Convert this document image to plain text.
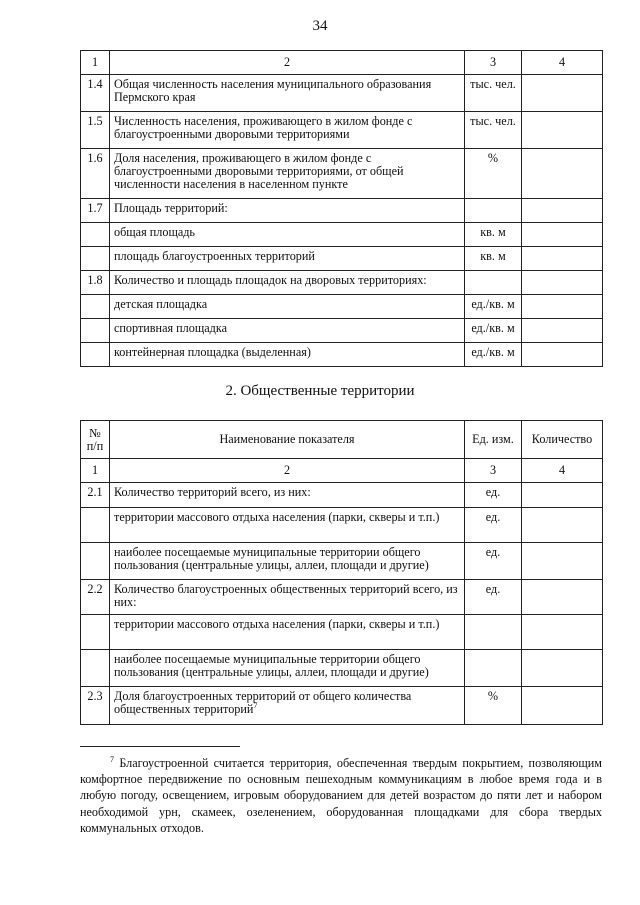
34
1	2	3	4
1.4	Общая численность населения муниципального образования Пермского края	тыс. чел.	
1.5	Численность населения, проживающего в жилом фонде с благоустроенными дворовыми территориями	тыс. чел.	
1.6	Доля населения, проживающего в жилом фонде с благоустроенными дворовыми территориями, от общей численности населения в населенном пункте	%	
1.7	Площадь территорий:		
	общая площадь	кв. м	
	площадь благоустроенных территорий	кв. м	
1.8	Количество и площадь площадок на дворовых территориях:		
	детская площадка	ед./кв. м	
	спортивная площадка	ед./кв. м	
	контейнерная площадка (выделенная)	ед./кв. м	
2. Общественные территории
№ п/п	Наименование показателя	Ед. изм.	Количество
1	2	3	4
2.1	Количество территорий всего, из них:	ед.	
	территории массового отдыха населения (парки, скверы и т.п.)	ед.	
	наиболее посещаемые муниципальные территории общего пользования (центральные улицы, аллеи, площади и другие)	ед.	
2.2	Количество благоустроенных общественных территорий всего, из них:	ед.	
	территории массового отдыха населения (парки, скверы и т.п.)		
	наиболее посещаемые муниципальные территории общего пользования (центральные улицы, аллеи, площади и другие)		
2.3	Доля благоустроенных территорий от общего количества общественных территорий$^7$	%	
$^7$ Благоустроенной считается территория, обеспеченная твердым покрытием, позволяющим комфортное передвижение по основным пешеходным коммуникациям в любое время года и в любую погоду, освещением, игровым оборудованием для детей возрастом до пяти лет и набором необходимой урн, скамеек, озеленением, оборудованная площадками для сбора твердых коммунальных отходов.
